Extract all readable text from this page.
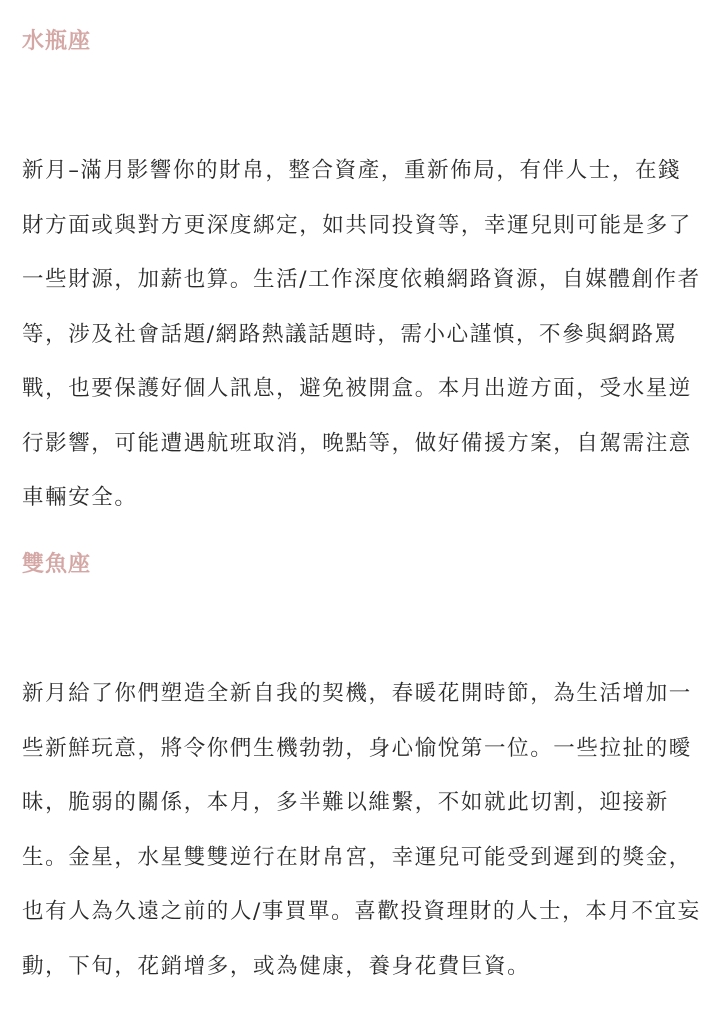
水瓶座

新月–滿月影響你的財帛，整合資產，重新佈局，有伴人士，在錢財方面或與對方更深度綁定，如共同投資等，幸運兒則可能是多了一些財源，加薪也算。生活/工作深度依賴網路資源，自媒體創作者等，涉及社會話題/網路熱議話題時，需小心謹慎，不參與網路罵戰，也要保護好個人訊息，避免被開盒。本月出遊方面，受水星逆行影響，可能遭遇航班取消，晚點等，做好備援方案，自駕需注意車輛安全。

雙魚座

新月給了你們塑造全新自我的契機，春暖花開時節，為生活增加一些新鮮玩意，將令你們生機勃勃，身心愉悅第一位。一些拉扯的曖昧，脆弱的關係，本月，多半難以維繫，不如就此切割，迎接新生。金星，水星雙雙逆行在財帛宮，幸運兒可能受到遲到的獎金，也有人為久遠之前的人/事買單。喜歡投資理財的人士，本月不宜妄動，下旬，花銷增多，或為健康，養身花費巨資。
